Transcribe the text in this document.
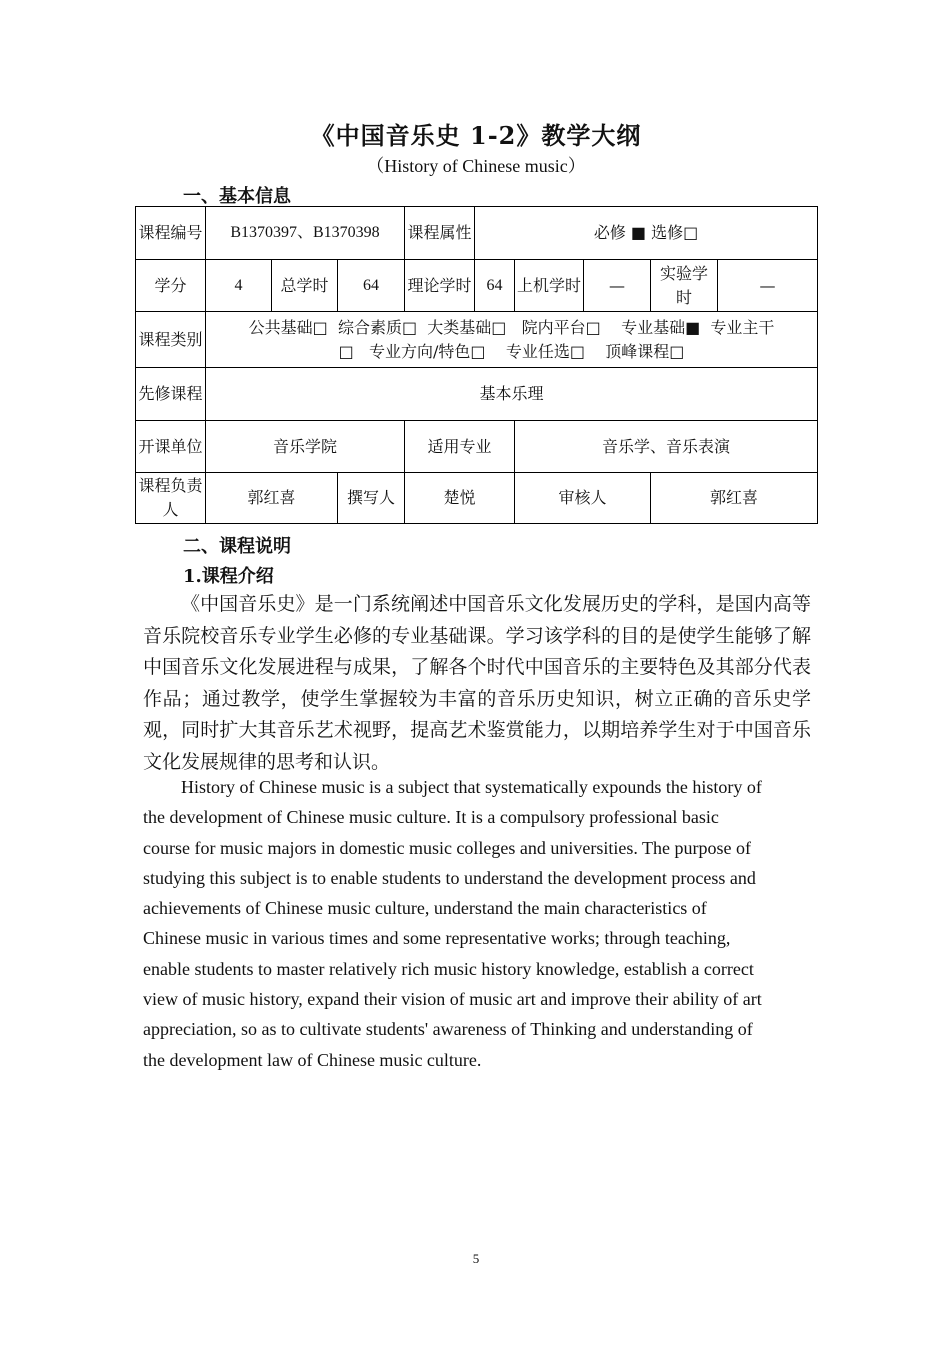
《中国音乐史 1-2》教学大纲
（History of Chinese music）
一、基本信息
课程编号	B1370397、B1370398			课程属性	必修 ■ 选修□				
学分	4	总学时	64	理论学时	64	上机学时	—	实验学时	—
课程类别	公共基础□  综合素质□  大类基础□   院内平台□    专业基础■  专业主干
□   专业方向/特色□    专业任选□    顶峰课程□								

先修课程	基本乐理								
开课单位	音乐学院			适用专业		音乐学、音乐表演			
课程负责人	郭红喜		撰写人	楚悦		审核人		郭红喜	
二、课程说明
1.课程介绍

《中国音乐史》是一门系统阐述中国音乐文化发展历史的学科，是国内高等音乐院校音乐专业学生必修的专业基础课。学习该学科的目的是使学生能够了解中国音乐文化发展进程与成果，了解各个时代中国音乐的主要特色及其部分代表作品；通过教学，使学生掌握较为丰富的音乐历史知识，树立正确的音乐史学观，同时扩大其音乐艺术视野，提高艺术鉴赏能力，以期培养学生对于中国音乐文化发展规律的思考和认识。

History of Chinese music is a subject that systematically expounds the history of
the development of Chinese music culture. It is a compulsory professional basic
course for music majors in domestic music colleges and universities. The purpose of
studying this subject is to enable students to understand the development process and
achievements of Chinese music culture, understand the main characteristics of
Chinese music in various times and some representative works; through teaching,
enable students to master relatively rich music history knowledge, establish a correct
view of music history, expand their vision of music art and improve their ability of art
appreciation, so as to cultivate students' awareness of Thinking and understanding of
the development law of Chinese music culture.
5
